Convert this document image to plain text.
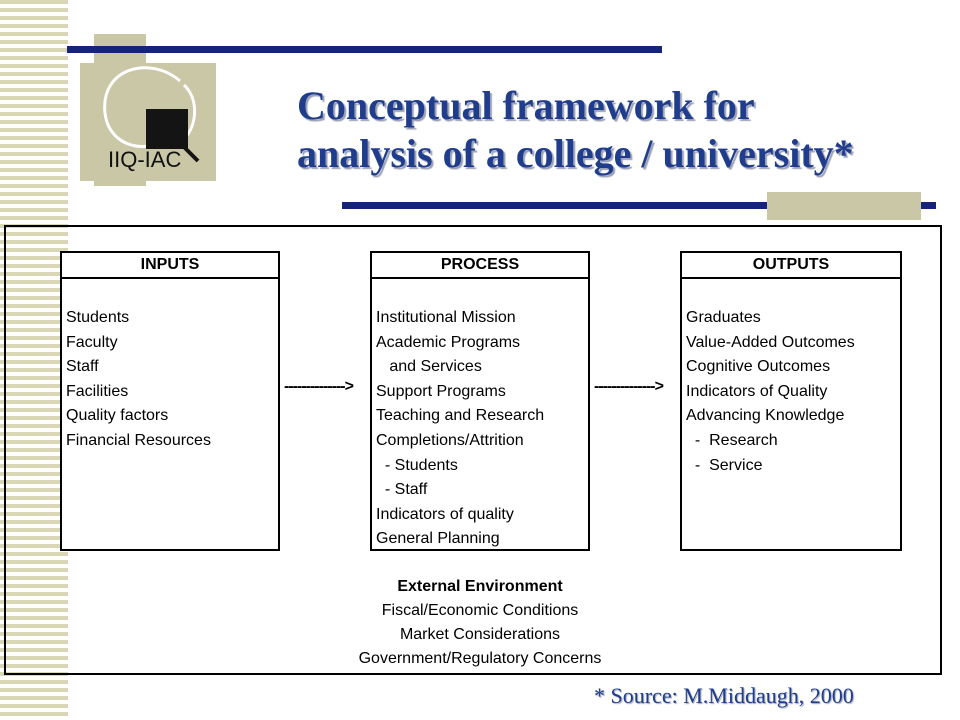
IIQ-IAC
Conceptual framework for
analysis of a college / university*
INPUTS
Students
Faculty
Staff
Facilities
Quality factors
Financial Resources
PROCESS
Institutional Mission
Academic Programs
and Services
Support Programs
Teaching and Research
Completions/Attrition
- Students
- Staff
Indicators of quality
General Planning
OUTPUTS
Graduates
Value-Added Outcomes
Cognitive Outcomes
Indicators of Quality
Advancing Knowledge
-  Research
-  Service
-------------->	-------------->
External Environment
Fiscal/Economic Conditions
Market Considerations
Government/Regulatory Concerns
* Source: M.Middaugh, 2000
